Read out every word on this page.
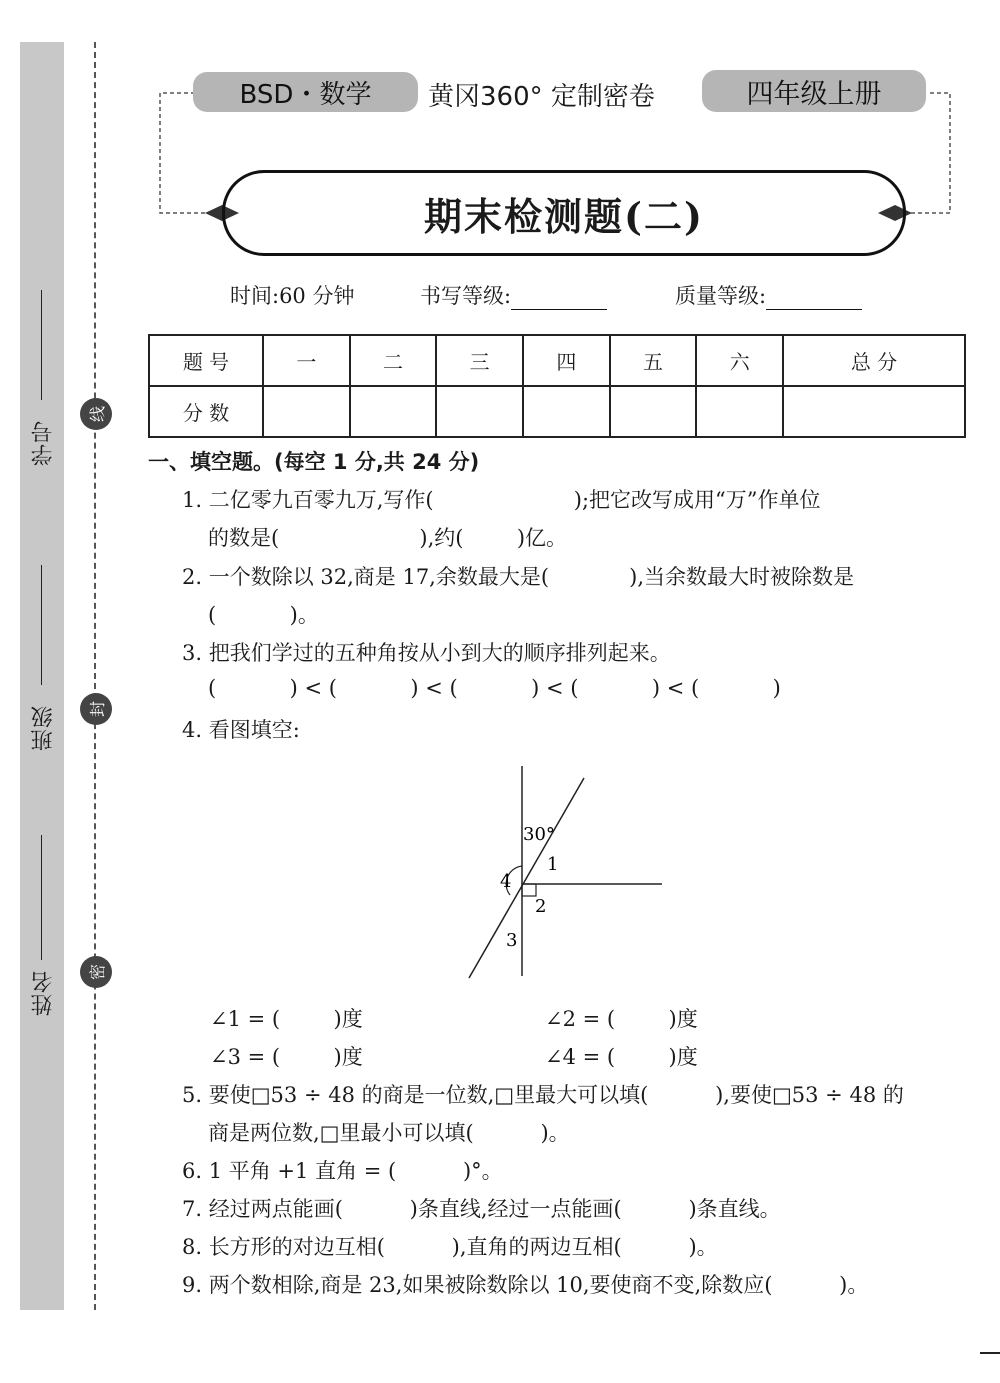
学号
班级
姓名
线
封
密
BSD・数学	黄冈360° 定制密卷	四年级上册
期末检测题(二)
时间:60 分钟	书写等级:	质量等级:
题 号	一	二	三	四	五	六	总 分
分 数							
一、填空题。(每空 1 分,共 24 分)
1. 二亿零九百零九万,写作(                     );把它改写成用“万”作单位
的数是(                     ),约(        )亿。
2. 一个数除以 32,商是 17,余数最大是(            ),当余数最大时被除数是
(           )。
3. 把我们学过的五种角按从小到大的顺序排列起来。
(           ) < (           ) < (           ) < (           ) < (           )
4. 看图填空:
30°
1
2
3
4
∠1 = (        )度	∠2 = (        )度
∠3 = (        )度	∠4 = (        )度
5. 要使□53 ÷ 48 的商是一位数,□里最大可以填(          ),要使□53 ÷ 48 的
商是两位数,□里最小可以填(          )。
6. 1 平角 +1 直角 = (          )°。
7. 经过两点能画(          )条直线,经过一点能画(          )条直线。
8. 长方形的对边互相(          ),直角的两边互相(          )。
9. 两个数相除,商是 23,如果被除数除以 10,要使商不变,除数应(          )。
